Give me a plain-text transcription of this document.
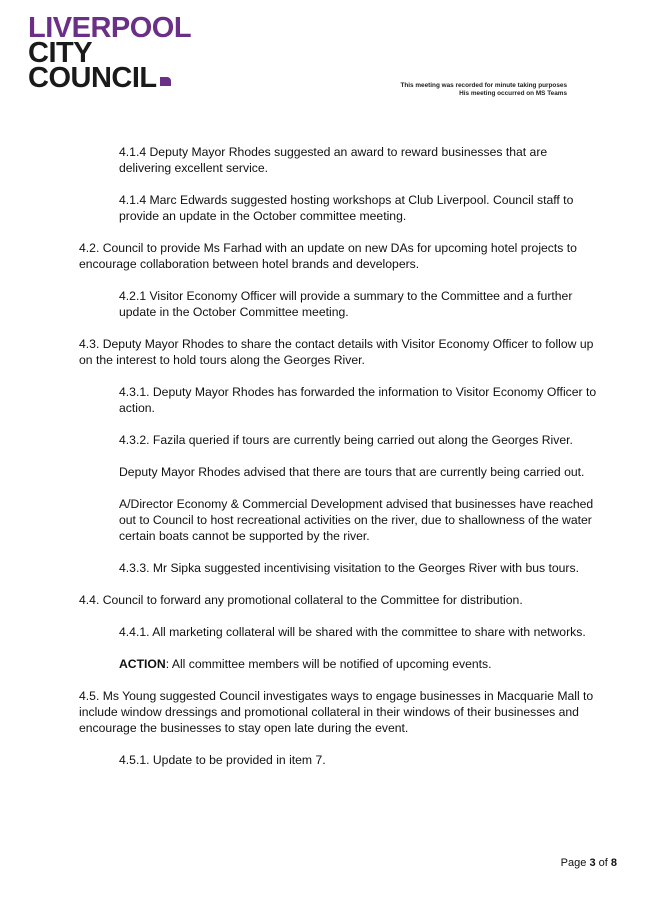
LIVERPOOL
CITY
COUNCIL	This meeting was recorded for minute taking purposes
His meeting occurred on MS Teams

4.1.4 Deputy Mayor Rhodes suggested an award to reward businesses that are delivering excellent service.

4.1.4 Marc Edwards suggested hosting workshops at Club Liverpool. Council staff to provide an update in the October committee meeting.

4.2. Council to provide Ms Farhad with an update on new DAs for upcoming hotel projects to encourage collaboration between hotel brands and developers.

4.2.1 Visitor Economy Officer will provide a summary to the Committee and a further update in the October Committee meeting.

4.3. Deputy Mayor Rhodes to share the contact details with Visitor Economy Officer to follow up on the interest to hold tours along the Georges River.

4.3.1. Deputy Mayor Rhodes has forwarded the information to Visitor Economy Officer to action.

4.3.2. Fazila queried if tours are currently being carried out along the Georges River.

Deputy Mayor Rhodes advised that there are tours that are currently being carried out.

A/Director Economy & Commercial Development advised that businesses have reached out to Council to host recreational activities on the river, due to shallowness of the water certain boats cannot be supported by the river.

4.3.3. Mr Sipka suggested incentivising visitation to the Georges River with bus tours.

4.4. Council to forward any promotional collateral to the Committee for distribution.

4.4.1. All marketing collateral will be shared with the committee to share with networks.

ACTION: All committee members will be notified of upcoming events.

4.5. Ms Young suggested Council investigates ways to engage businesses in Macquarie Mall to include window dressings and promotional collateral in their windows of their businesses and encourage the businesses to stay open late during the event.

4.5.1. Update to be provided in item 7.

Page 3 of 8
